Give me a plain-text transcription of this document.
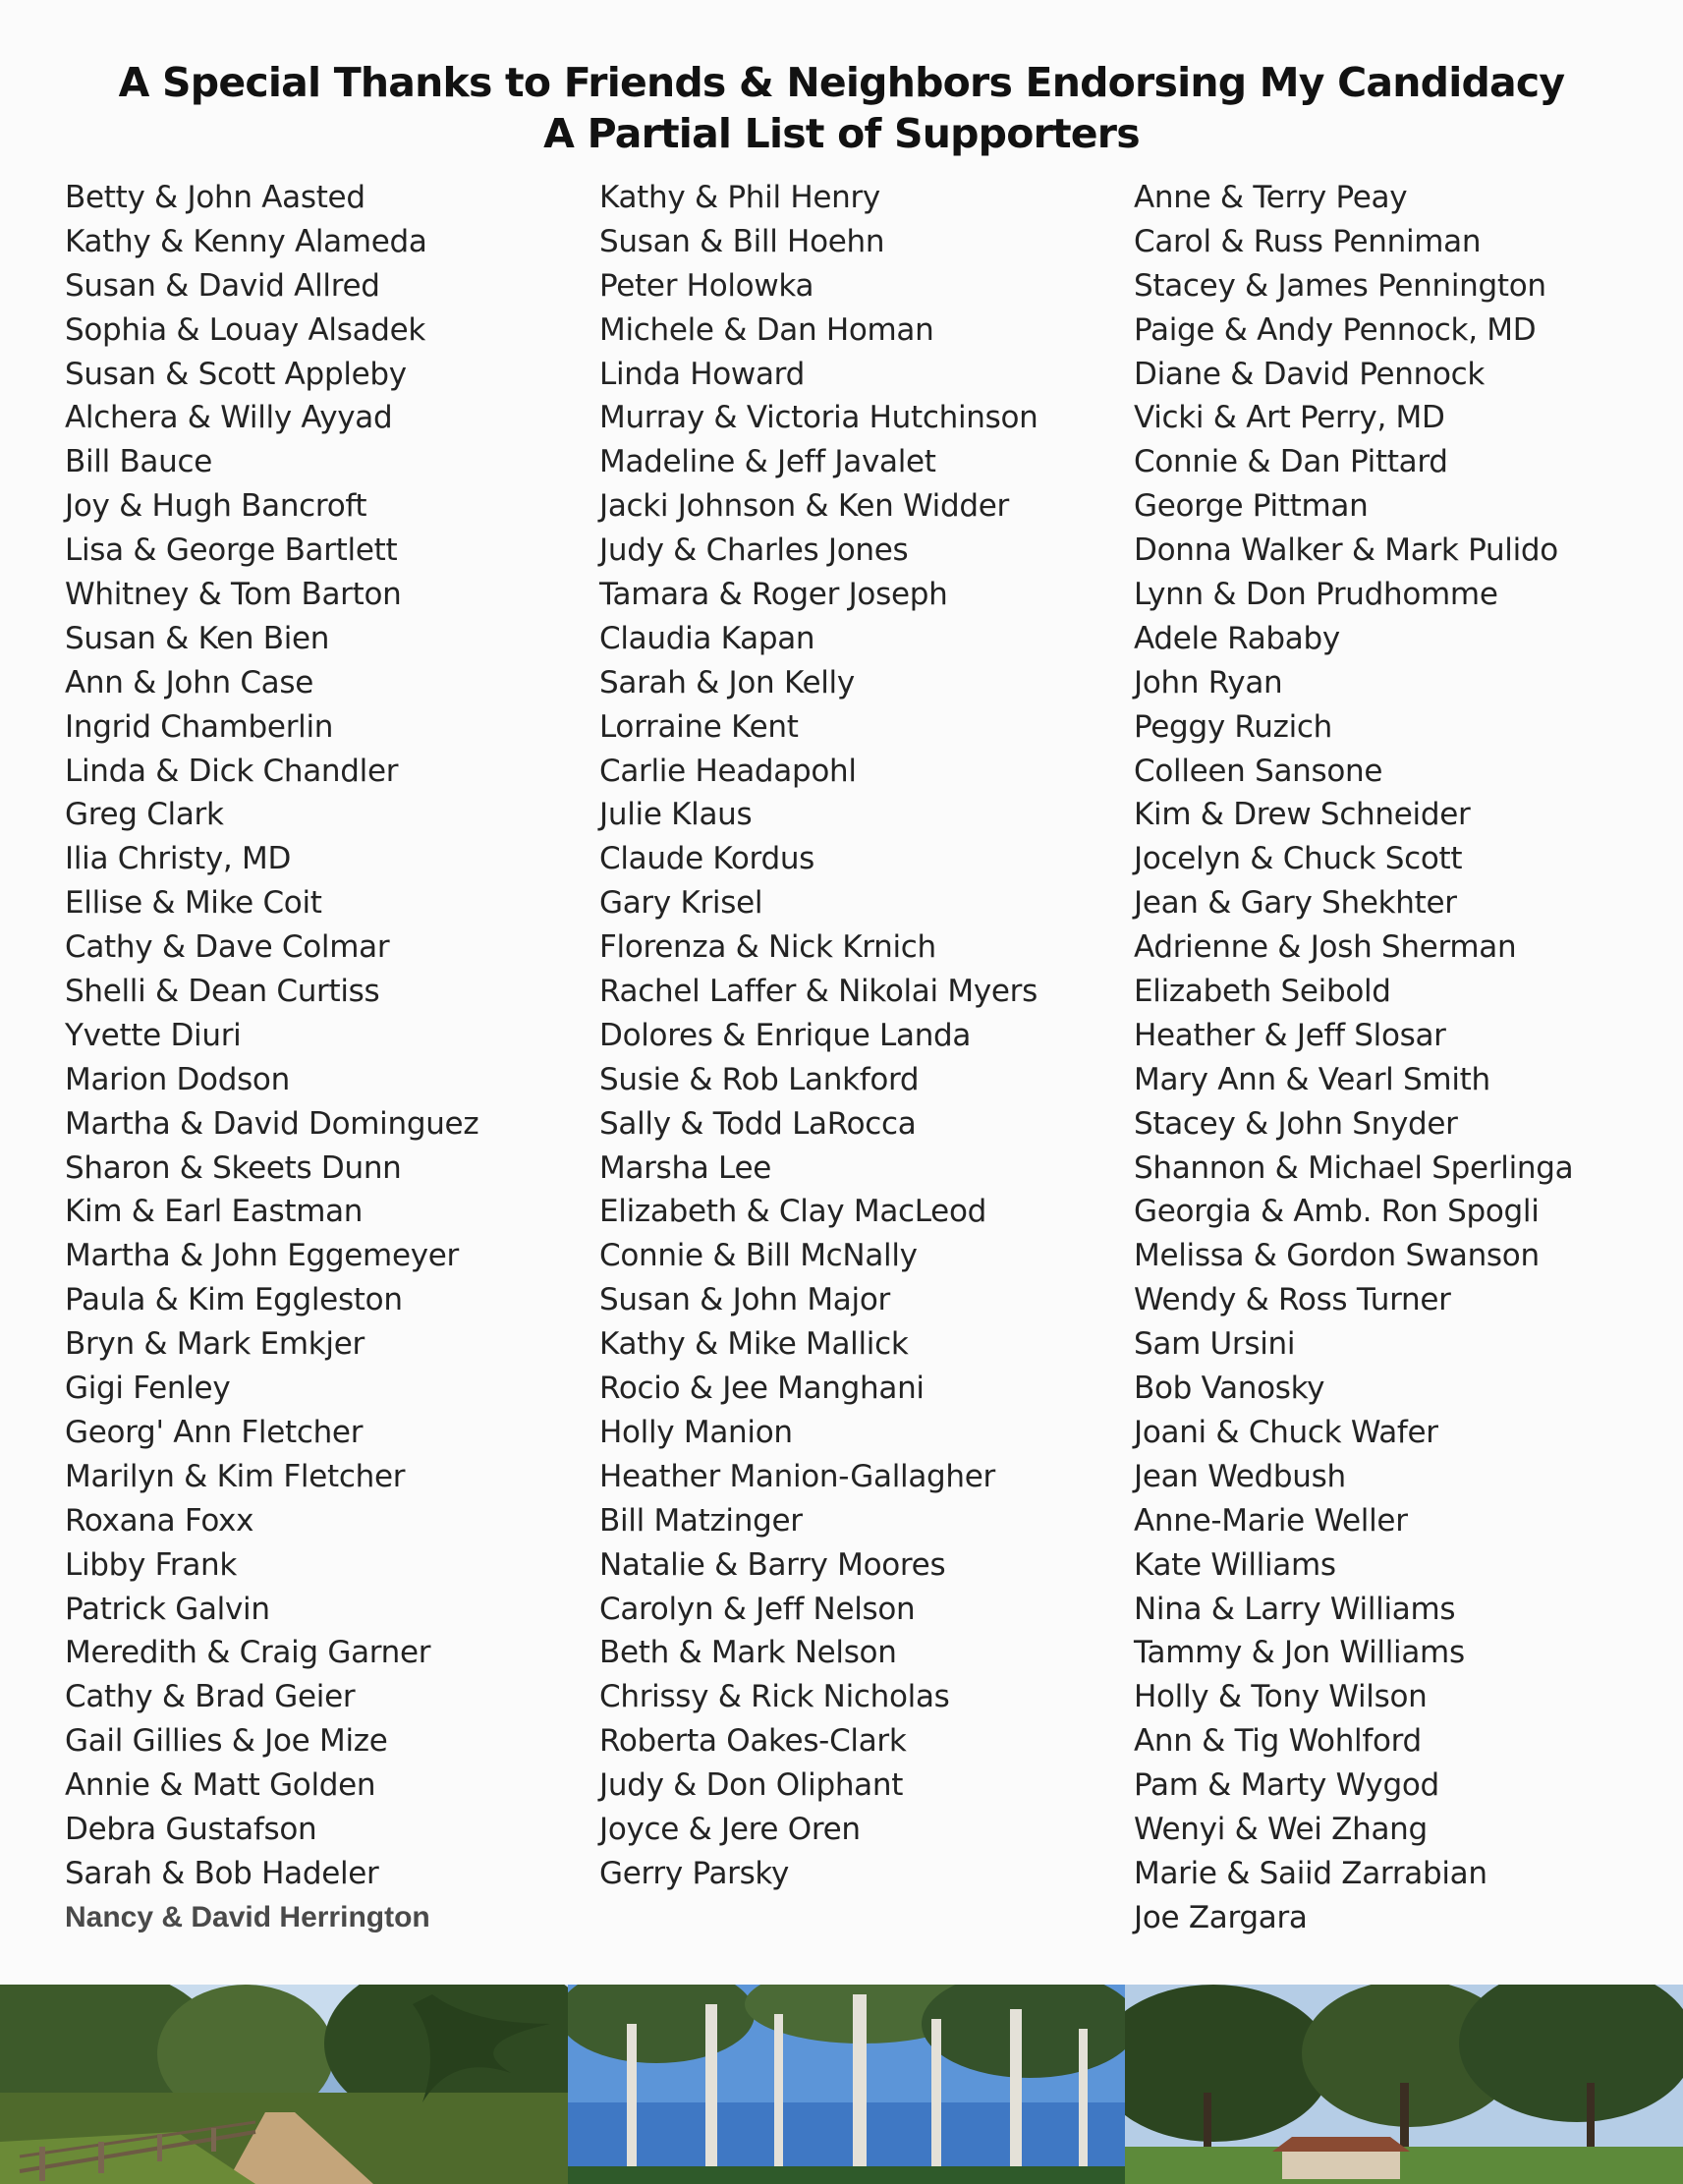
A Special Thanks to Friends & Neighbors Endorsing My Candidacy
A Partial List of Supporters
Betty & John Aasted
Kathy & Kenny Alameda
Susan & David Allred
Sophia & Louay Alsadek
Susan & Scott Appleby
Alchera & Willy Ayyad
Bill Bauce
Joy & Hugh Bancroft
Lisa & George Bartlett
Whitney & Tom Barton
Susan & Ken Bien
Ann & John Case
Ingrid Chamberlin
Linda & Dick Chandler
Greg Clark
Ilia Christy, MD
Ellise & Mike Coit
Cathy & Dave Colmar
Shelli & Dean Curtiss
Yvette Diuri
Marion Dodson
Martha & David Dominguez
Sharon & Skeets Dunn
Kim & Earl Eastman
Martha & John Eggemeyer
Paula & Kim Eggleston
Bryn & Mark Emkjer
Gigi Fenley
Georg' Ann Fletcher
Marilyn & Kim Fletcher
Roxana Foxx
Libby Frank
Patrick Galvin
Meredith & Craig Garner
Cathy & Brad Geier
Gail Gillies & Joe Mize
Annie & Matt Golden
Debra Gustafson
Sarah & Bob Hadeler
Nancy & David Herrington
Kathy & Phil Henry
Susan & Bill Hoehn
Peter Holowka
Michele & Dan Homan
Linda Howard
Murray & Victoria Hutchinson
Madeline & Jeff Javalet
Jacki Johnson & Ken Widder
Judy & Charles Jones
Tamara & Roger Joseph
Claudia Kapan
Sarah & Jon Kelly
Lorraine Kent
Carlie Headapohl
Julie Klaus
Claude Kordus
Gary Krisel
Florenza & Nick Krnich
Rachel Laffer & Nikolai Myers
Dolores & Enrique Landa
Susie & Rob Lankford
Sally & Todd LaRocca
Marsha Lee
Elizabeth & Clay MacLeod
Connie & Bill McNally
Susan & John Major
Kathy & Mike Mallick
Rocio & Jee Manghani
Holly Manion
Heather Manion-Gallagher
Bill Matzinger
Natalie & Barry Moores
Carolyn & Jeff Nelson
Beth & Mark Nelson
Chrissy & Rick Nicholas
Roberta Oakes-Clark
Judy & Don Oliphant
Joyce & Jere Oren
Gerry Parsky
Anne & Terry Peay
Carol & Russ Penniman
Stacey & James Pennington
Paige & Andy Pennock, MD
Diane & David Pennock
Vicki & Art Perry, MD
Connie & Dan Pittard
George Pittman
Donna Walker & Mark Pulido
Lynn & Don Prudhomme
Adele Rababy
John Ryan
Peggy Ruzich
Colleen Sansone
Kim & Drew Schneider
Jocelyn & Chuck Scott
Jean & Gary Shekhter
Adrienne & Josh Sherman
Elizabeth Seibold
Heather & Jeff Slosar
Mary Ann & Vearl Smith
Stacey & John Snyder
Shannon & Michael Sperlinga
Georgia & Amb. Ron Spogli
Melissa & Gordon Swanson
Wendy & Ross Turner
Sam Ursini
Bob Vanosky
Joani & Chuck Wafer
Jean Wedbush
Anne-Marie Weller
Kate Williams
Nina & Larry Williams
Tammy & Jon Williams
Holly & Tony Wilson
Ann & Tig Wohlford
Pam & Marty Wygod
Wenyi & Wei Zhang
Marie & Saiid Zarrabian
Joe Zargara
